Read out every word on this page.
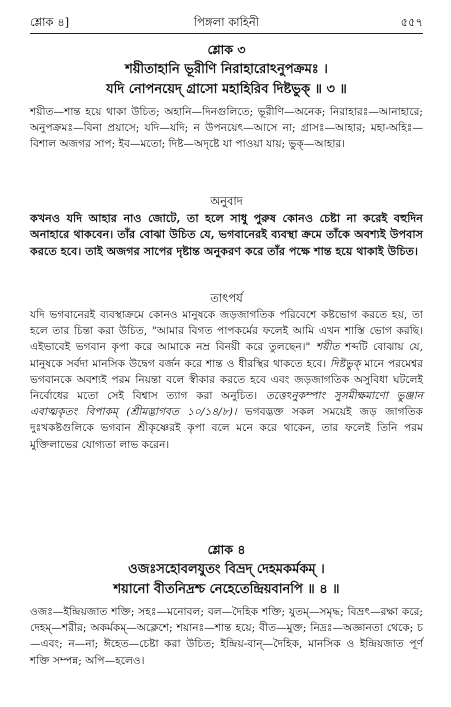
শ্লোক ৪]	পিঙ্গলা কাহিনী	৫৫৭
শ্লোক ৩
শয়ীতাহানি ভূরীণি নিরাহারোঽনুপক্রমঃ ।
যদি নোপনয়েদ্ গ্রাসো মহাহিরিব দিষ্টভুক্ ॥ ৩ ॥
শয়ীত—শান্ত হয়ে থাকা উচিত; অহানি—দিনগুলিতে; ভূরীণি—অনেক; নিরাহারঃ—আনাহারে; অনুপক্রমঃ—বিনা প্রয়াসে; যদি—যদি; ন উপনয়েৎ—আসে না; গ্রাসঃ—আহার; মহা-অহিঃ—বিশাল অজগর সাপ; ইব—মতো; দিষ্ট—অদৃষ্টে যা পাওয়া যায়; ভুক্—আহার।
অনুবাদ
কখনও যদি আহার নাও জোটে, তা হলে সাধু পুরুষ কোনও চেষ্টা না করেই বহুদিন অনাহারে থাকবেন। তাঁর বোঝা উচিত যে, ভগবানেরই ব্যবস্থা ক্রমে তাঁকে অবশ্যই উপবাস করতে হবে। তাই অজগর সাপের দৃষ্টান্ত অনুকরণ করে তাঁর পক্ষে শান্ত হয়ে থাকাই উচিত।
তাৎপর্য
যদি ভগবানেরই ব্যবস্থাক্রমে কোনও মানুষকে জড়জাগতিক পরিবেশে কষ্টভোগ করতে হয়, তা হলে তার চিন্তা করা উচিত, "আমার বিগত পাপকর্মের ফলেই আমি এখন শাস্তি ভোগ করছি। এইভাবেই ভগবান কৃপা করে আমাকে নম্র বিনয়ী করে তুলছেন।" শয়ীত শব্দটি বোঝায় যে, মানুষকে সর্বদা মানসিক উদ্বেগ বর্জন করে শান্ত ও ধীরস্থির থাকতে হবে। দিষ্টভুক্ মানে পরমেশ্বর ভগবানকে অবশ্যই পরম নিয়ন্তা বলে স্বীকার করতে হবে এবং জড়জাগতিক অসুবিধা ঘটলেই নির্বোধের মতো সেই বিশ্বাস ত্যাগ করা অনুচিত। তত্তেঽনুকম্পাং সুসমীক্ষমাণো ভুঞ্জান এবাত্মকৃতং বিপাকম্ (শ্রীমদ্ভাগবত ১০/১৪/৮)। ভগবদ্ভক্ত সকল সময়েই জড় জাগতিক দুঃখকষ্টগুলিকে ভগবান শ্রীকৃষ্ণেরই কৃপা বলে মনে করে থাকেন, তার ফলেই তিনি পরম মুক্তিলাভের যোগ্যতা লাভ করেন।
শ্লোক ৪
ওজঃসহোবলযুতং বিভ্রদ্ দেহমকর্মকম্ ।
শয়ানো বীতনিদ্রশ্চ নেহেতেন্দ্রিয়বানপি ॥ ৪ ॥
ওজঃ—ইন্দ্রিয়জাত শক্তি; সহঃ—মনোবল; বল—দৈহিক শক্তি; যুতম্—সমৃদ্ধ; বিভ্রৎ—রক্ষা করে; দেহম্—শরীর; অকর্মকম্—অক্লেশে; শয়ানঃ—শান্ত হয়ে; বীত—মুক্ত; নিদ্রঃ—অজ্ঞানতা থেকে; চ—এবং; ন—না; ঈহেত—চেষ্টা করা উচিত; ইন্দ্রিয়-বান্—দৈহিক, মানসিক ও ইন্দ্রিয়জাত পূর্ণ শক্তি সম্পন্ন; অপি—হলেও।
